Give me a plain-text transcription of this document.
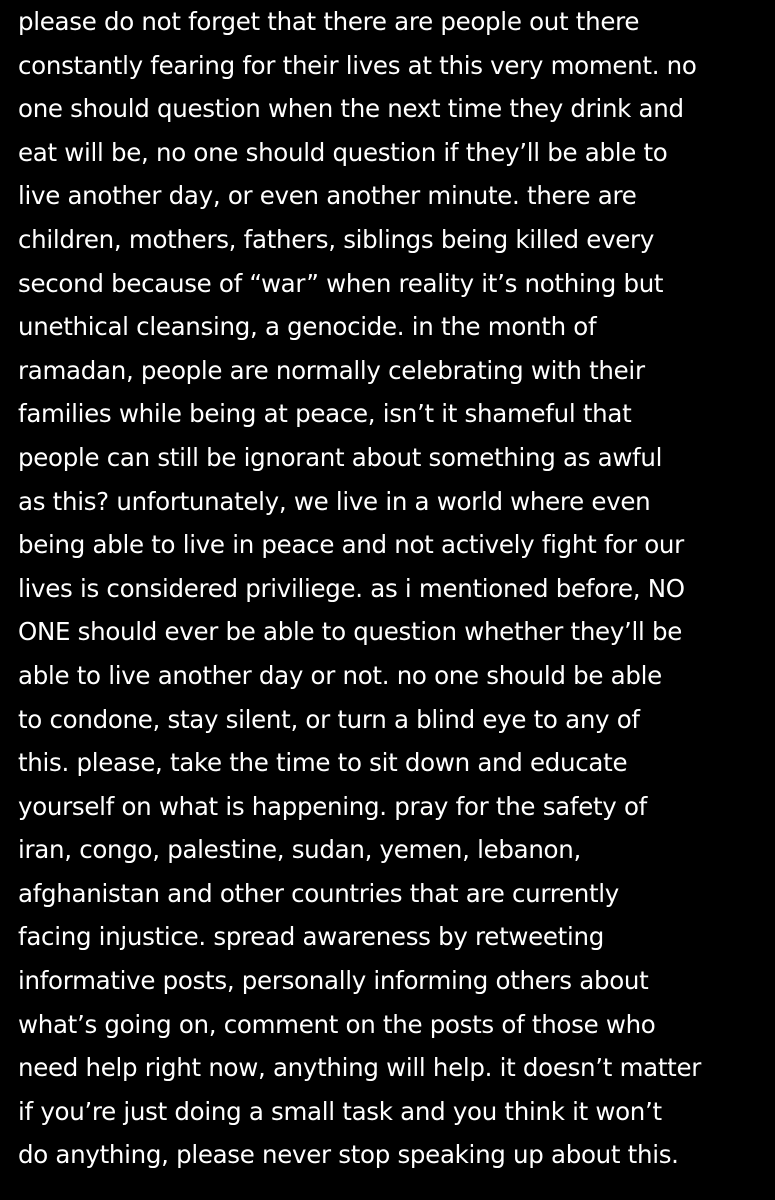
please do not forget that there are people out there
constantly fearing for their lives at this very moment. no
one should question when the next time they drink and
eat will be, no one should question if they’ll be able to
live another day, or even another minute. there are
children, mothers, fathers, siblings being killed every
second because of “war” when reality it’s nothing but
unethical cleansing, a genocide. in the month of
ramadan, people are normally celebrating with their
families while being at peace, isn’t it shameful that
people can still be ignorant about something as awful
as this? unfortunately, we live in a world where even
being able to live in peace and not actively fight for our
lives is considered priviliege. as i mentioned before, NO
ONE should ever be able to question whether they’ll be
able to live another day or not. no one should be able
to condone, stay silent, or turn a blind eye to any of
this. please, take the time to sit down and educate
yourself on what is happening. pray for the safety of
iran, congo, palestine, sudan, yemen, lebanon,
afghanistan and other countries that are currently
facing injustice. spread awareness by retweeting
informative posts, personally informing others about
what’s going on, comment on the posts of those who
need help right now, anything will help. it doesn’t matter
if you’re just doing a small task and you think it won’t
do anything, please never stop speaking up about this.
